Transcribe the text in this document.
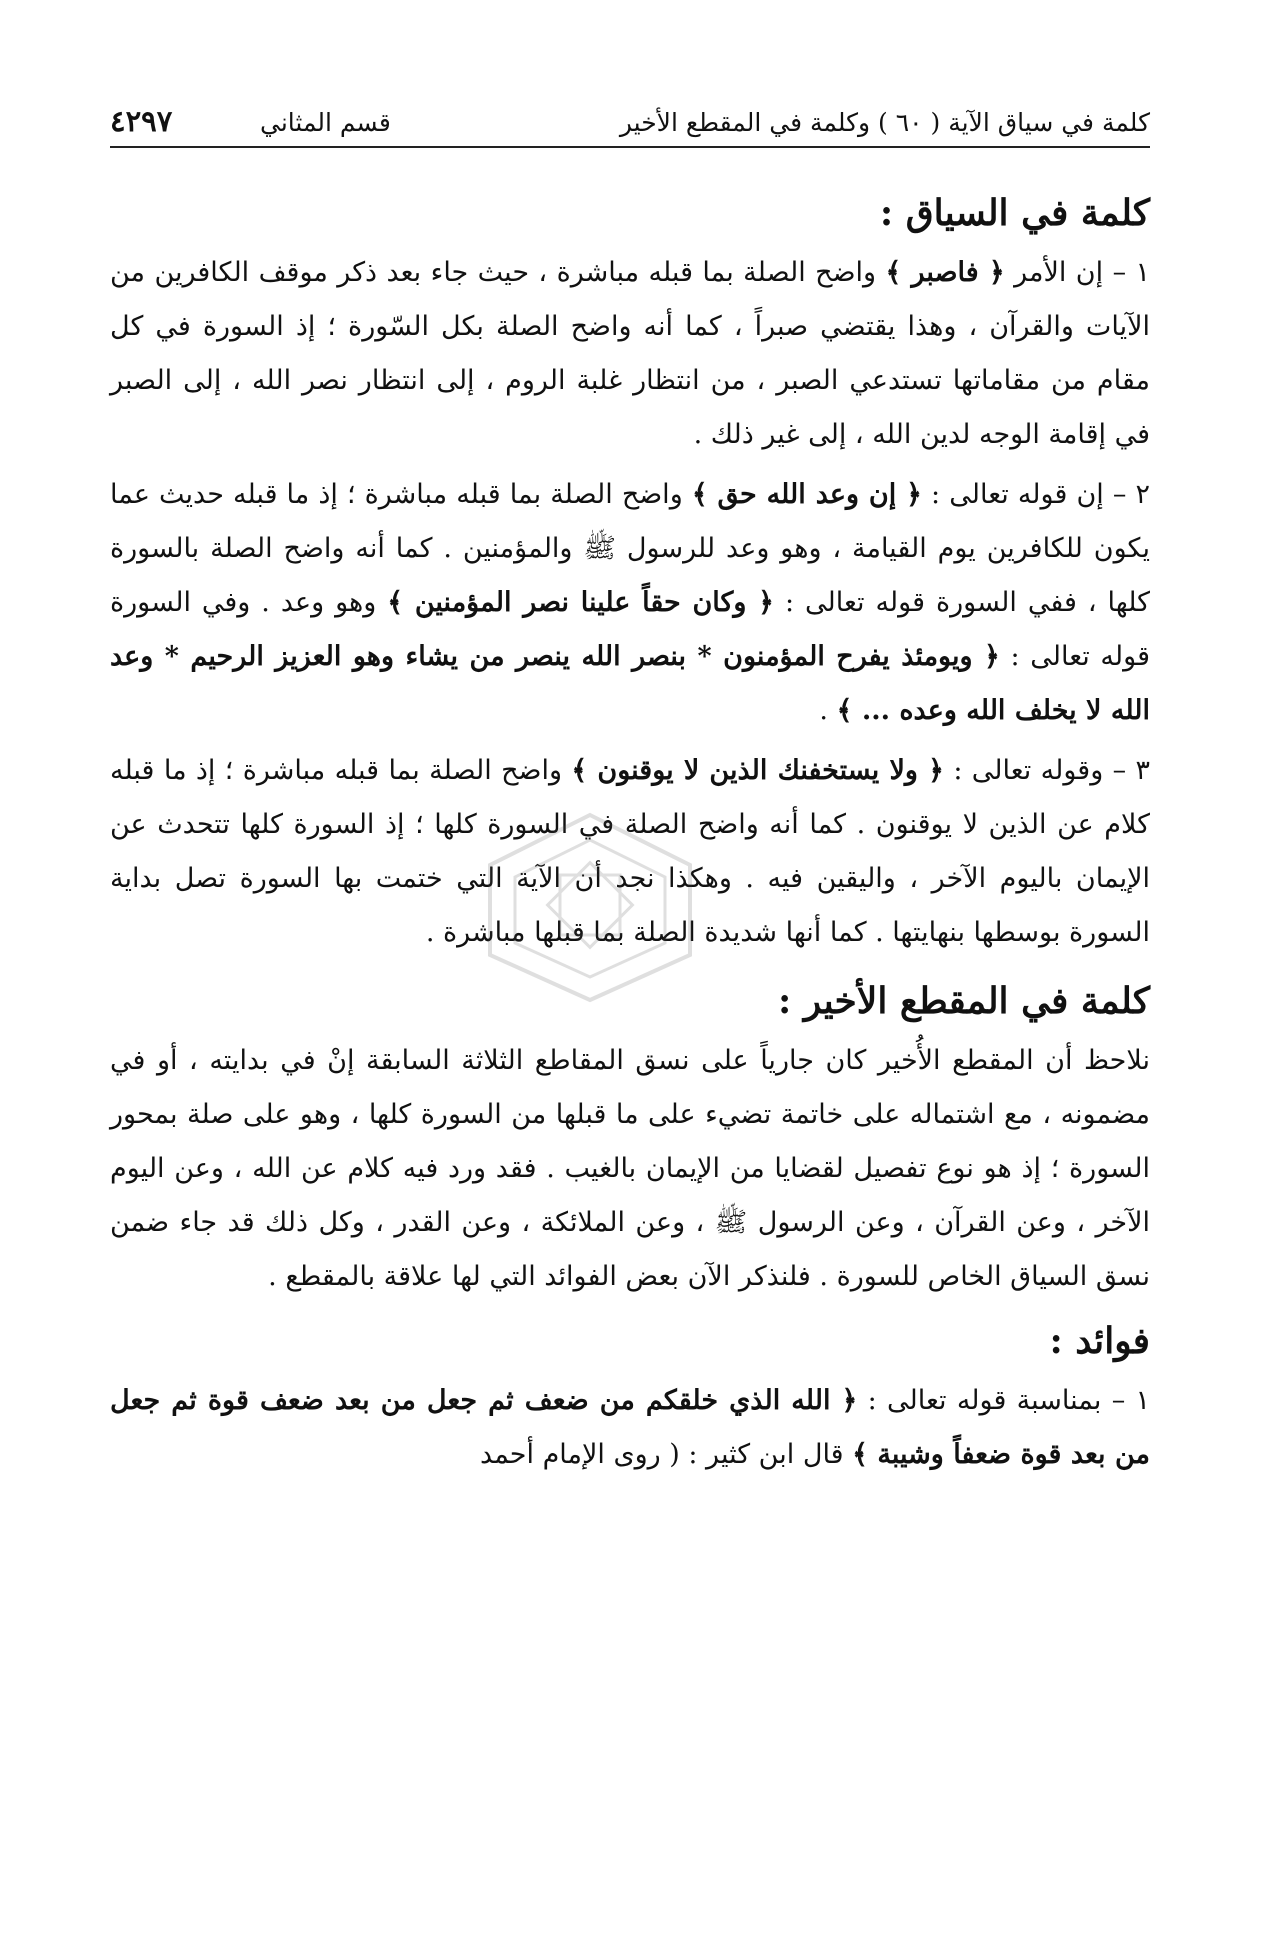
كلمة في سياق الآية ( ٦٠ ) وكلمة في المقطع الأخير
قسم المثاني
٤٢٩٧
كلمة في السياق :

١ – إن الأمر ﴿ فاصبر ﴾ واضح الصلة بما قبله مباشرة ، حيث جاء بعد ذكر موقف الكافرين من الآيات والقرآن ، وهذا يقتضي صبراً ، كما أنه واضح الصلة بكل السّورة ؛ إذ السورة في كل مقام من مقاماتها تستدعي الصبر ، من انتظار غلبة الروم ، إلى انتظار نصر الله ، إلى الصبر في إقامة الوجه لدين الله ، إلى غير ذلك .

٢ – إن قوله تعالى : ﴿ إن وعد الله حق ﴾ واضح الصلة بما قبله مباشرة ؛ إذ ما قبله حديث عما يكون للكافرين يوم القيامة ، وهو وعد للرسول ﷺ والمؤمنين . كما أنه واضح الصلة بالسورة كلها ، ففي السورة قوله تعالى : ﴿ وكان حقاً علينا نصر المؤمنين ﴾ وهو وعد . وفي السورة قوله تعالى : ﴿ ويومئذ يفرح المؤمنون * بنصر الله ينصر من يشاء وهو العزيز الرحيم * وعد الله لا يخلف الله وعده ... ﴾ .

٣ – وقوله تعالى : ﴿ ولا يستخفنك الذين لا يوقنون ﴾ واضح الصلة بما قبله مباشرة ؛ إذ ما قبله كلام عن الذين لا يوقنون . كما أنه واضح الصلة في السورة كلها ؛ إذ السورة كلها تتحدث عن الإيمان باليوم الآخر ، واليقين فيه . وهكذا نجد أن الآية التي ختمت بها السورة تصل بداية السورة بوسطها بنهايتها . كما أنها شديدة الصلة بما قبلها مباشرة .

كلمة في المقطع الأخير :

نلاحظ أن المقطع الأُخير كان جارياً على نسق المقاطع الثلاثة السابقة إنْ في بدايته ، أو في مضمونه ، مع اشتماله على خاتمة تضيء على ما قبلها من السورة كلها ، وهو على صلة بمحور السورة ؛ إذ هو نوع تفصيل لقضايا من الإيمان بالغيب . فقد ورد فيه كلام عن الله ، وعن اليوم الآخر ، وعن القرآن ، وعن الرسول ﷺ ، وعن الملائكة ، وعن القدر ، وكل ذلك قد جاء ضمن نسق السياق الخاص للسورة . فلنذكر الآن بعض الفوائد التي لها علاقة بالمقطع .

فوائد :

١ – بمناسبة قوله تعالى : ﴿ الله الذي خلقكم من ضعف ثم جعل من بعد ضعف قوة ثم جعل من بعد قوة ضعفاً وشيبة ﴾ قال ابن كثير : ( روى الإمام أحمد
